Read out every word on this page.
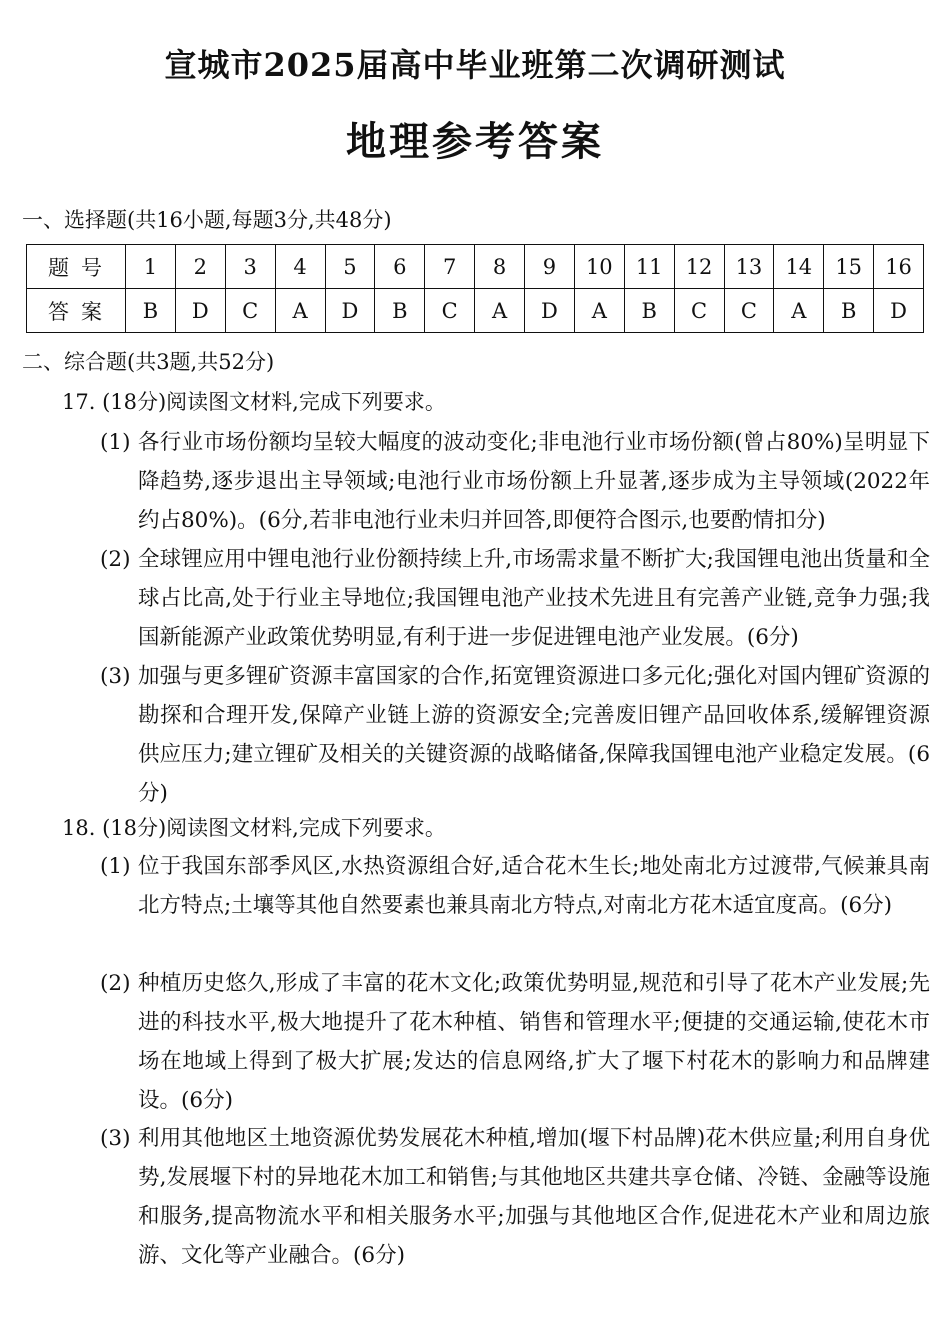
宣城市2025届高中毕业班第二次调研测试
地理参考答案
一、选择题(共16小题,每题3分,共48分)
题号	1	2	3	4	5	6	7	8	9	10	11	12	13	14	15	16
答案	B	D	C	A	D	B	C	A	D	A	B	C	C	A	B	D
二、综合题(共3题,共52分)
17. (18分)阅读图文材料,完成下列要求。
(1) 各行业市场份额均呈较大幅度的波动变化;非电池行业市场份额(曾占80%)呈明显下降趋势,逐步退出主导领域;电池行业市场份额上升显著,逐步成为主导领域(2022年约占80%)。(6分,若非电池行业未归并回答,即便符合图示,也要酌情扣分)
(2) 全球锂应用中锂电池行业份额持续上升,市场需求量不断扩大;我国锂电池出货量和全球占比高,处于行业主导地位;我国锂电池产业技术先进且有完善产业链,竞争力强;我国新能源产业政策优势明显,有利于进一步促进锂电池产业发展。(6分)
(3) 加强与更多锂矿资源丰富国家的合作,拓宽锂资源进口多元化;强化对国内锂矿资源的勘探和合理开发,保障产业链上游的资源安全;完善废旧锂产品回收体系,缓解锂资源供应压力;建立锂矿及相关的关键资源的战略储备,保障我国锂电池产业稳定发展。(6分)
18. (18分)阅读图文材料,完成下列要求。
(1) 位于我国东部季风区,水热资源组合好,适合花木生长;地处南北方过渡带,气候兼具南北方特点;土壤等其他自然要素也兼具南北方特点,对南北方花木适宜度高。(6分)
(2) 种植历史悠久,形成了丰富的花木文化;政策优势明显,规范和引导了花木产业发展;先进的科技水平,极大地提升了花木种植、销售和管理水平;便捷的交通运输,使花木市场在地域上得到了极大扩展;发达的信息网络,扩大了堰下村花木的影响力和品牌建设。(6分)
(3) 利用其他地区土地资源优势发展花木种植,增加(堰下村品牌)花木供应量;利用自身优势,发展堰下村的异地花木加工和销售;与其他地区共建共享仓储、冷链、金融等设施和服务,提高物流水平和相关服务水平;加强与其他地区合作,促进花木产业和周边旅游、文化等产业融合。(6分)
